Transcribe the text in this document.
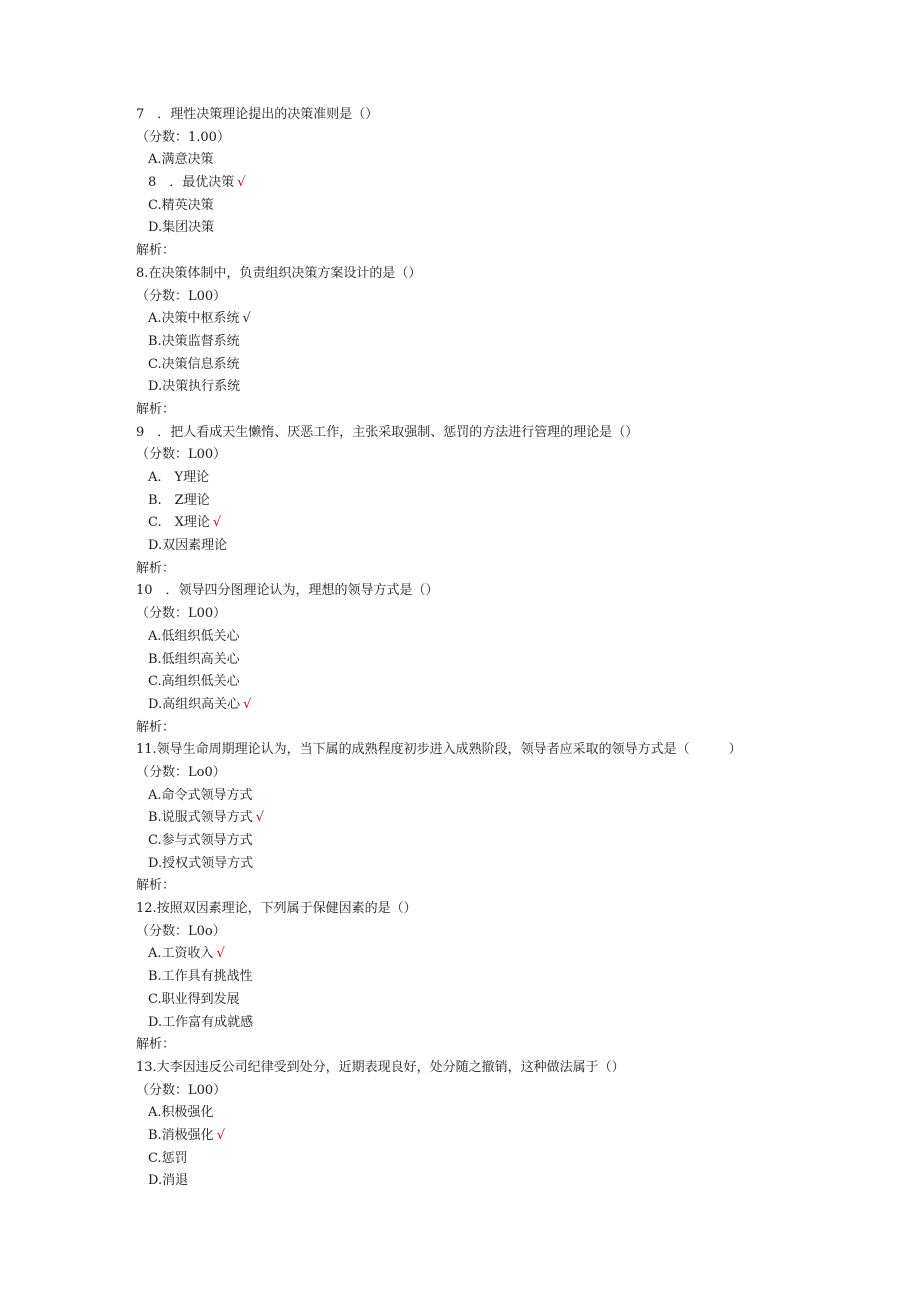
7　．理性决策理论提出的决策准则是（）
（分数：1.00）
A.满意决策
8　．最优决策 √
C.精英决策
D.集团决策
解析：
8.在决策体制中，负责组织决策方案设计的是（）
（分数：L00）
A.决策中枢系统 √
B.决策监督系统
C.决策信息系统
D.决策执行系统
解析：
9　．把人看成天生懒惰、厌恶工作，主张采取强制、惩罚的方法进行管理的理论是（）
（分数：L00）
A.　Y理论
B.　Z理论
C.　X理论 √
D.双因素理论
解析：
10　．领导四分图理论认为，理想的领导方式是（）
（分数：L00）
A.低组织低关心
B.低组织高关心
C.高组织低关心
D.高组织高关心 √
解析：
11.领导生命周期理论认为，当下属的成熟程度初步进入成熟阶段，领导者应采取的领导方式是（　　　）
（分数：Lo0）
A.命令式领导方式
B.说服式领导方式 √
C.参与式领导方式
D.授权式领导方式
解析：
12.按照双因素理论，下列属于保健因素的是（）
（分数：L0o）
A.工资收入 √
B.工作具有挑战性
C.职业得到发展
D.工作富有成就感
解析：
13.大李因违反公司纪律受到处分，近期表现良好，处分随之撤销，这种做法属于（）
（分数：L00）
A.积极强化
B.消极强化 √
C.惩罚
D.消退
